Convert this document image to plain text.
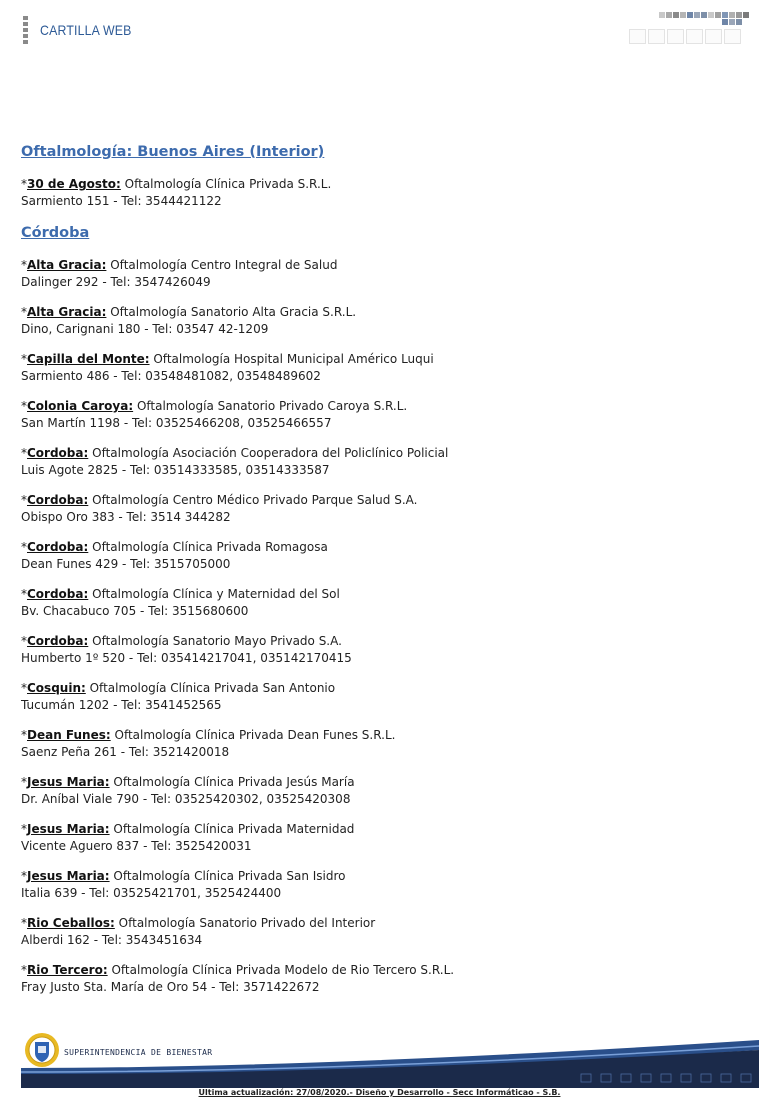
CARTILLA WEB
Oftalmología: Buenos Aires (Interior)
*30 de Agosto: Oftalmología Clínica Privada S.R.L.
Sarmiento 151 - Tel: 3544421122
Córdoba
*Alta Gracia: Oftalmología Centro Integral de Salud
Dalinger 292 - Tel: 3547426049
*Alta Gracia: Oftalmología Sanatorio Alta Gracia S.R.L.
Dino, Carignani 180 - Tel: 03547 42-1209
*Capilla del Monte: Oftalmología Hospital Municipal Américo Luqui
Sarmiento 486 - Tel: 03548481082, 03548489602
*Colonia Caroya: Oftalmología Sanatorio Privado Caroya S.R.L.
San Martín 1198 - Tel: 03525466208, 03525466557
*Cordoba: Oftalmología Asociación Cooperadora del Policlínico Policial
Luis Agote 2825 - Tel: 03514333585, 03514333587
*Cordoba: Oftalmología Centro Médico Privado Parque Salud S.A.
Obispo Oro 383 - Tel: 3514 344282
*Cordoba: Oftalmología Clínica Privada Romagosa
Dean Funes 429 - Tel: 3515705000
*Cordoba: Oftalmología Clínica y Maternidad del Sol
Bv. Chacabuco 705 - Tel: 3515680600
*Cordoba: Oftalmología Sanatorio Mayo Privado S.A.
Humberto 1º 520 - Tel: 035414217041, 035142170415
*Cosquin: Oftalmología Clínica Privada San Antonio
Tucumán 1202 - Tel: 3541452565
*Dean Funes: Oftalmología Clínica Privada Dean Funes S.R.L.
Saenz Peña 261 - Tel: 3521420018
*Jesus Maria: Oftalmología Clínica Privada Jesús María
Dr. Aníbal Viale 790 - Tel: 03525420302, 03525420308
*Jesus Maria: Oftalmología Clínica Privada Maternidad
Vicente Aguero 837 - Tel: 3525420031
*Jesus Maria: Oftalmología Clínica Privada San Isidro
Italia 639 - Tel: 03525421701, 3525424400
*Rio Ceballos: Oftalmología Sanatorio Privado del Interior
Alberdi 162 - Tel: 3543451634
*Rio Tercero: Oftalmología Clínica Privada Modelo de Rio Tercero S.R.L.
Fray Justo Sta. María de Oro 54 - Tel: 3571422672
SUPERINTENDENCIA DE BIENESTAR
Ultima actualización: 27/08/2020.- Diseño y Desarrollo - Secc Informáticao - S.B.
